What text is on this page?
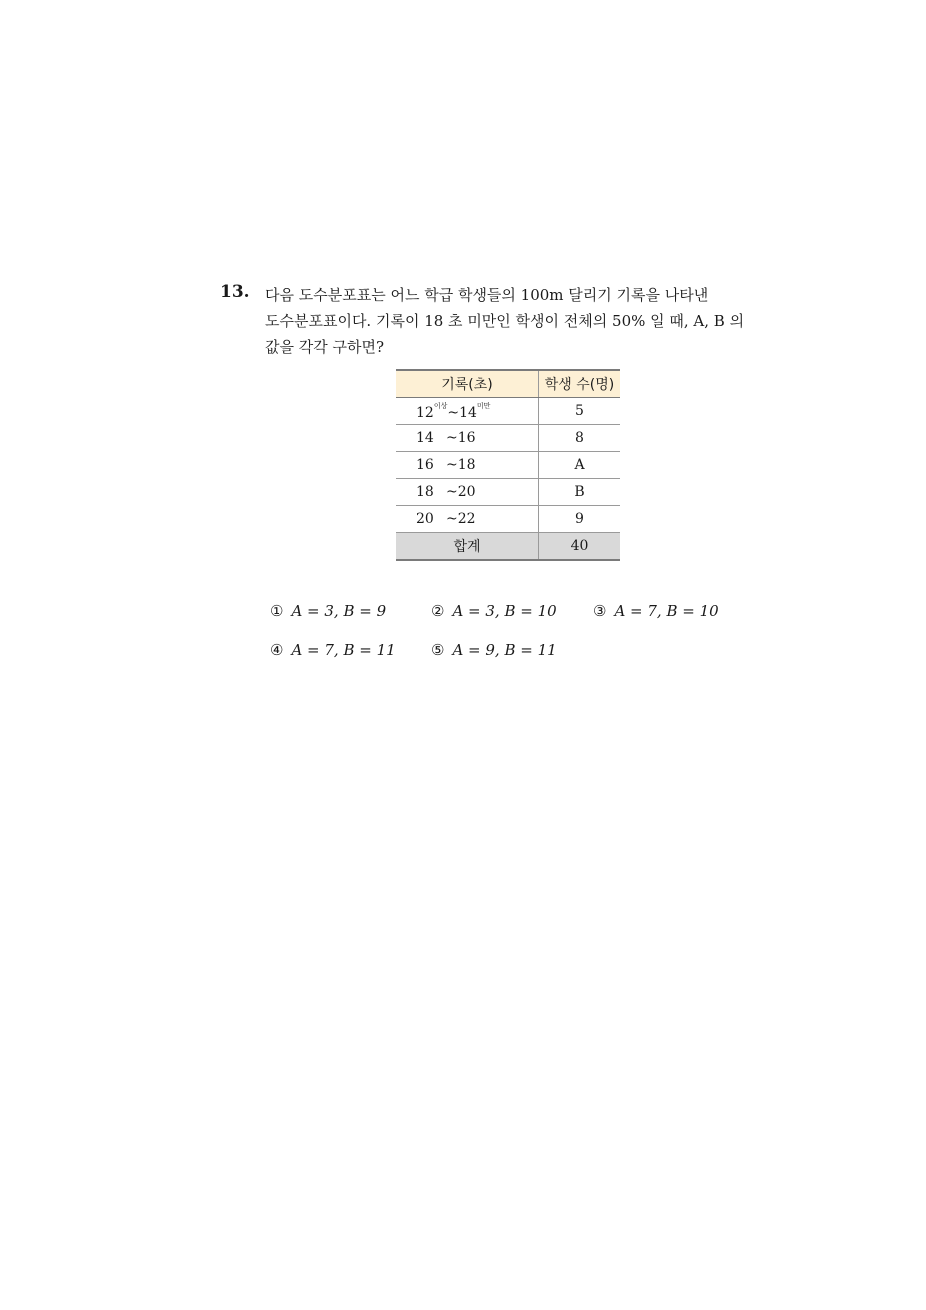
13. 다음 도수분포표는 어느 학급 학생들의 100m 달리기 기록을 나타낸
도수분포표이다. 기록이 18 초 미만인 학생이 전체의 50% 일 때, A, B 의
값을 각각 구하면?
기록(초)	학생 수(명)
$12^{이상}\sim 14^{미만}$	5
14 ~16	8
16 ~18	A
18 ~20	B
20 ~22	9
합계	40
① A = 3, B = 9	② A = 3, B = 10 ③ A = 7, B = 10
④ A = 7, B = 11 ⑤ A = 9, B = 11
